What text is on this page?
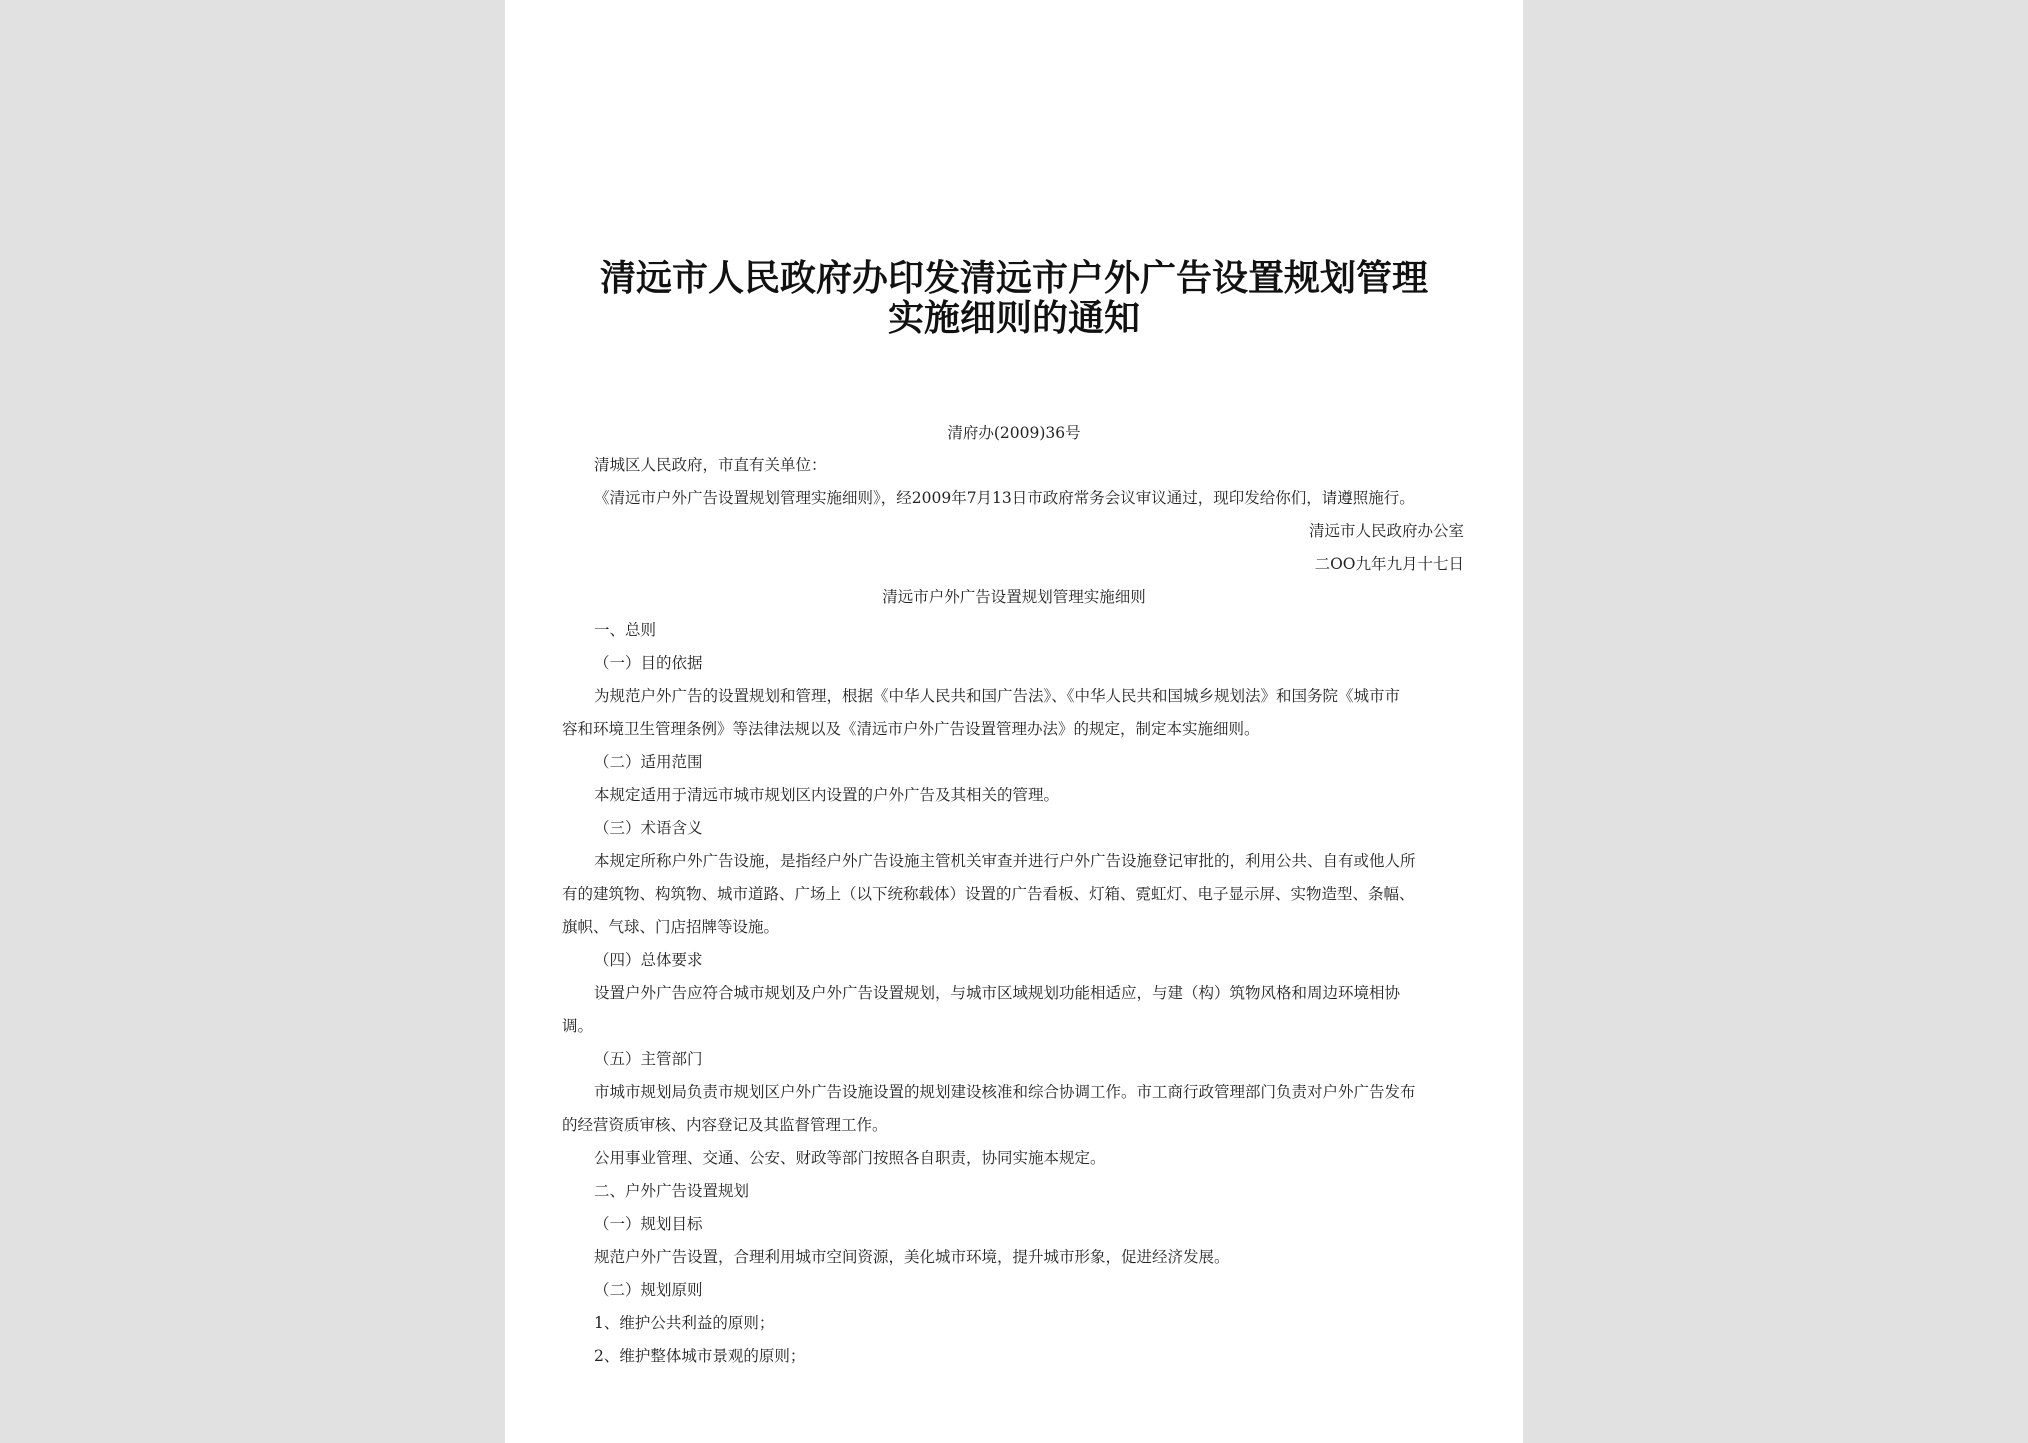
清远市人民政府办印发清远市户外广告设置规划管理
实施细则的通知
清府办(2009)36号
清城区人民政府，市直有关单位：
《清远市户外广告设置规划管理实施细则》，经2009年7月13日市政府常务会议审议通过，现印发给你们，请遵照施行。
清远市人民政府办公室
二OO九年九月十七日
清远市户外广告设置规划管理实施细则
一、总则
（一）目的依据
为规范户外广告的设置规划和管理，根据《中华人民共和国广告法》、《中华人民共和国城乡规划法》和国务院《城市市
容和环境卫生管理条例》等法律法规以及《清远市户外广告设置管理办法》的规定，制定本实施细则。
（二）适用范围
本规定适用于清远市城市规划区内设置的户外广告及其相关的管理。
（三）术语含义
本规定所称户外广告设施，是指经户外广告设施主管机关审查并进行户外广告设施登记审批的，利用公共、自有或他人所
有的建筑物、构筑物、城市道路、广场上（以下统称载体）设置的广告看板、灯箱、霓虹灯、电子显示屏、实物造型、条幅、
旗帜、气球、门店招牌等设施。
（四）总体要求
设置户外广告应符合城市规划及户外广告设置规划，与城市区域规划功能相适应，与建（构）筑物风格和周边环境相协
调。
（五）主管部门
市城市规划局负责市规划区户外广告设施设置的规划建设核准和综合协调工作。市工商行政管理部门负责对户外广告发布
的经营资质审核、内容登记及其监督管理工作。
公用事业管理、交通、公安、财政等部门按照各自职责，协同实施本规定。
二、户外广告设置规划
（一）规划目标
规范户外广告设置，合理利用城市空间资源，美化城市环境，提升城市形象，促进经济发展。
（二）规划原则
1、维护公共利益的原则；
2、维护整体城市景观的原则；
